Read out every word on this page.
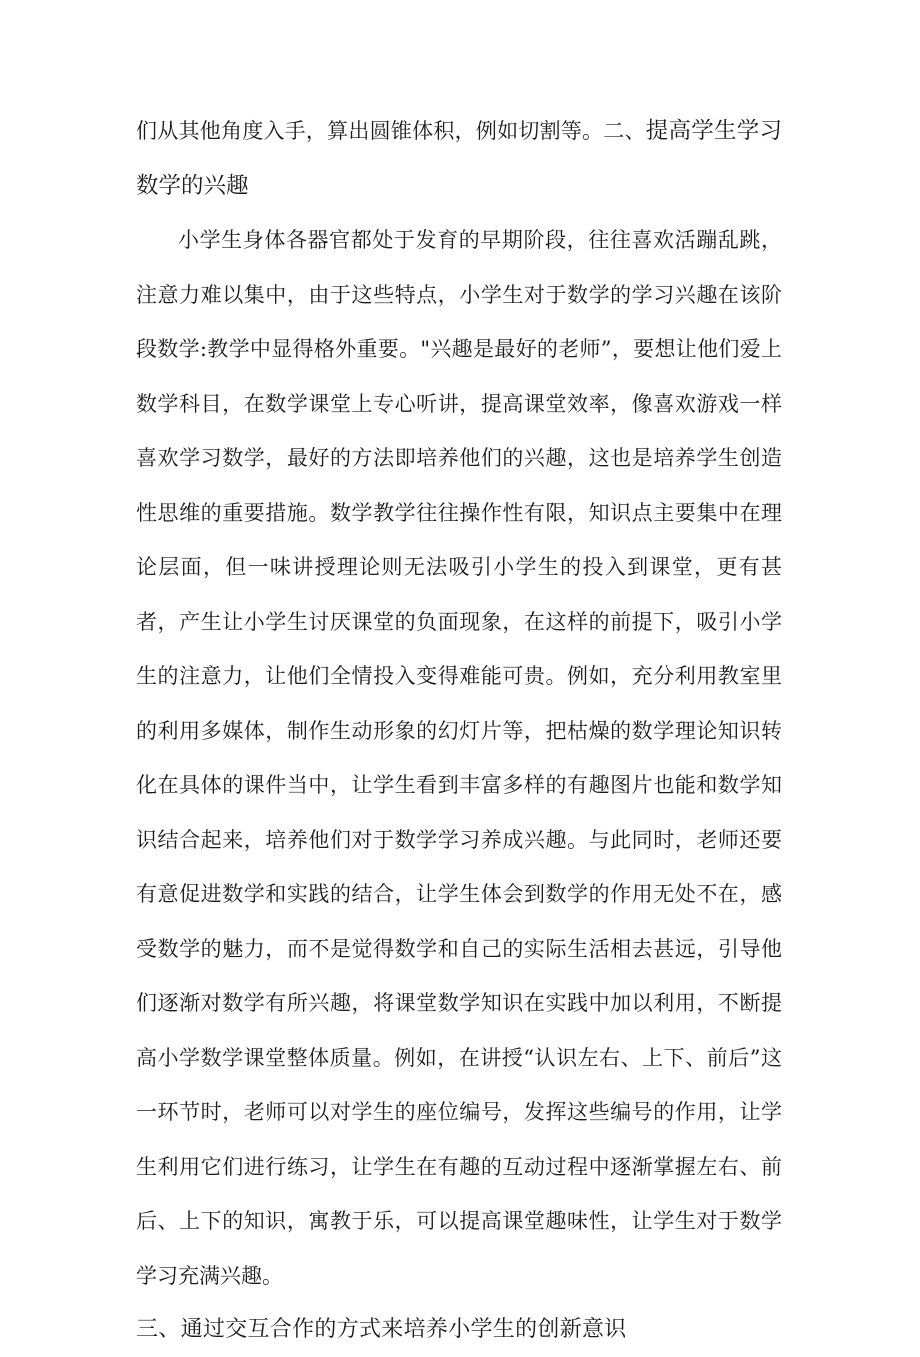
们从其他角度入手，算出圆锥体积，例如切割等。二、提高学生学习数学的兴趣

小学生身体各器官都处于发育的早期阶段，往往喜欢活蹦乱跳，注意力难以集中，由于这些特点，小学生对于数学的学习兴趣在该阶段数学:教学中显得格外重要。"兴趣是最好的老师”，要想让他们爱上数学科目，在数学课堂上专心听讲，提高课堂效率，像喜欢游戏一样喜欢学习数学，最好的方法即培养他们的兴趣，这也是培养学生创造性思维的重要措施。数学教学往往操作性有限，知识点主要集中在理论层面，但一味讲授理论则无法吸引小学生的投入到课堂，更有甚者，产生让小学生讨厌课堂的负面现象，在这样的前提下，吸引小学生的注意力，让他们全情投入变得难能可贵。例如，充分利用教室里的利用多媒体，制作生动形象的幻灯片等，把枯燥的数学理论知识转化在具体的课件当中，让学生看到丰富多样的有趣图片也能和数学知识结合起来，培养他们对于数学学习养成兴趣。与此同时，老师还要有意促进数学和实践的结合，让学生体会到数学的作用无处不在，感受数学的魅力，而不是觉得数学和自己的实际生活相去甚远，引导他们逐渐对数学有所兴趣，将课堂数学知识在实践中加以利用，不断提高小学数学课堂整体质量。例如，在讲授“认识左右、上下、前后”这一环节时，老师可以对学生的座位编号，发挥这些编号的作用，让学生利用它们进行练习，让学生在有趣的互动过程中逐渐掌握左右、前后、上下的知识，寓教于乐，可以提高课堂趣味性，让学生对于数学学习充满兴趣。

三、通过交互合作的方式来培养小学生的创新意识
